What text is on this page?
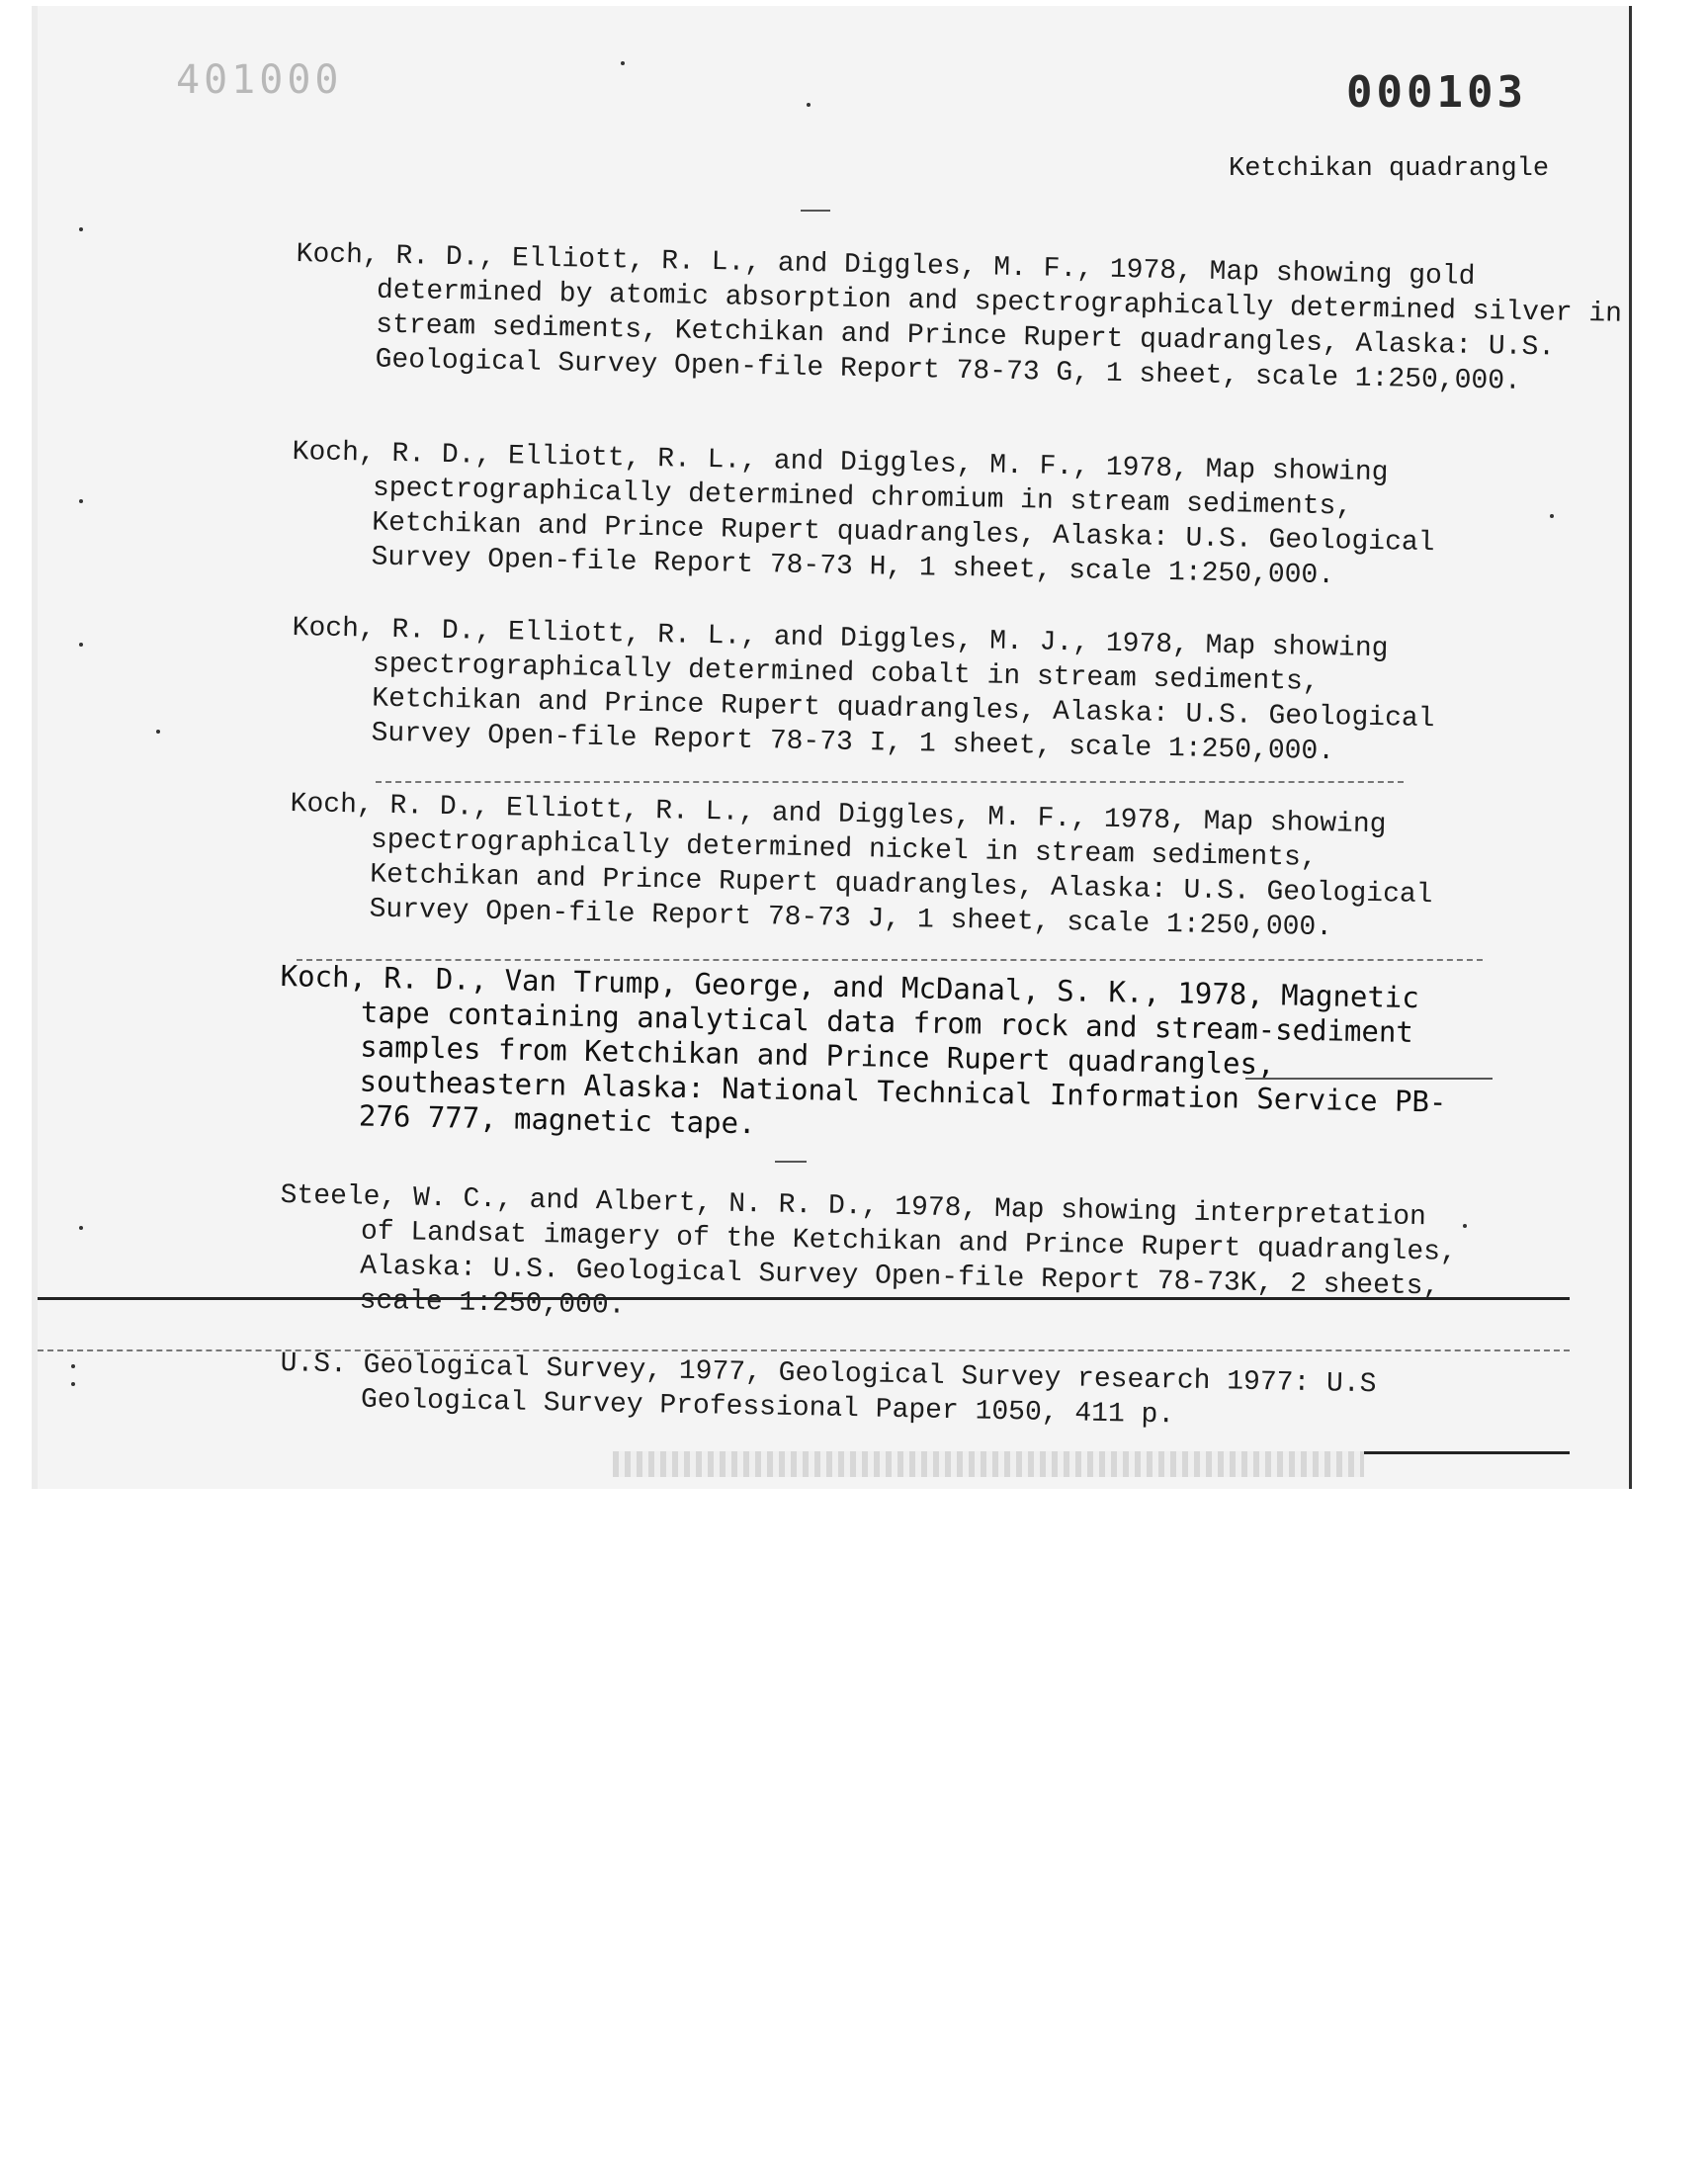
401000	000103
Ketchikan quadrangle
Koch, R. D., Elliott, R. L., and Diggles, M. F., 1978, Map showing gold determined by atomic absorption and spectrographically determined silver in stream sediments, Ketchikan and Prince Rupert quadrangles, Alaska: U.S. Geological Survey Open-file Report 78-73 G, 1 sheet, scale 1:250,000.
Koch, R. D., Elliott, R. L., and Diggles, M. F., 1978, Map showing spectrographically determined chromium in stream sediments, Ketchikan and Prince Rupert quadrangles, Alaska: U.S. Geological Survey Open-file Report 78-73 H, 1 sheet, scale 1:250,000.
Koch, R. D., Elliott, R. L., and Diggles, M. J., 1978, Map showing spectrographically determined cobalt in stream sediments, Ketchikan and Prince Rupert quadrangles, Alaska: U.S. Geological Survey Open-file Report 78-73 I, 1 sheet, scale 1:250,000.
Koch, R. D., Elliott, R. L., and Diggles, M. F., 1978, Map showing spectrographically determined nickel in stream sediments, Ketchikan and Prince Rupert quadrangles, Alaska: U.S. Geological Survey Open-file Report 78-73 J, 1 sheet, scale 1:250,000.
Koch, R. D., Van Trump, George, and McDanal, S. K., 1978, Magnetic tape containing analytical data from rock and stream-sediment samples from Ketchikan and Prince Rupert quadrangles, southeastern Alaska: National Technical Information Service PB-276 777, magnetic tape.
Steele, W. C., and Albert, N. R. D., 1978, Map showing interpretation of Landsat imagery of the Ketchikan and Prince Rupert quadrangles, Alaska: U.S. Geological Survey Open-file Report 78-73K, 2 sheets, scale 1:250,000.
U.S. Geological Survey, 1977, Geological Survey research 1977: U.S Geological Survey Professional Paper 1050, 411 p.
